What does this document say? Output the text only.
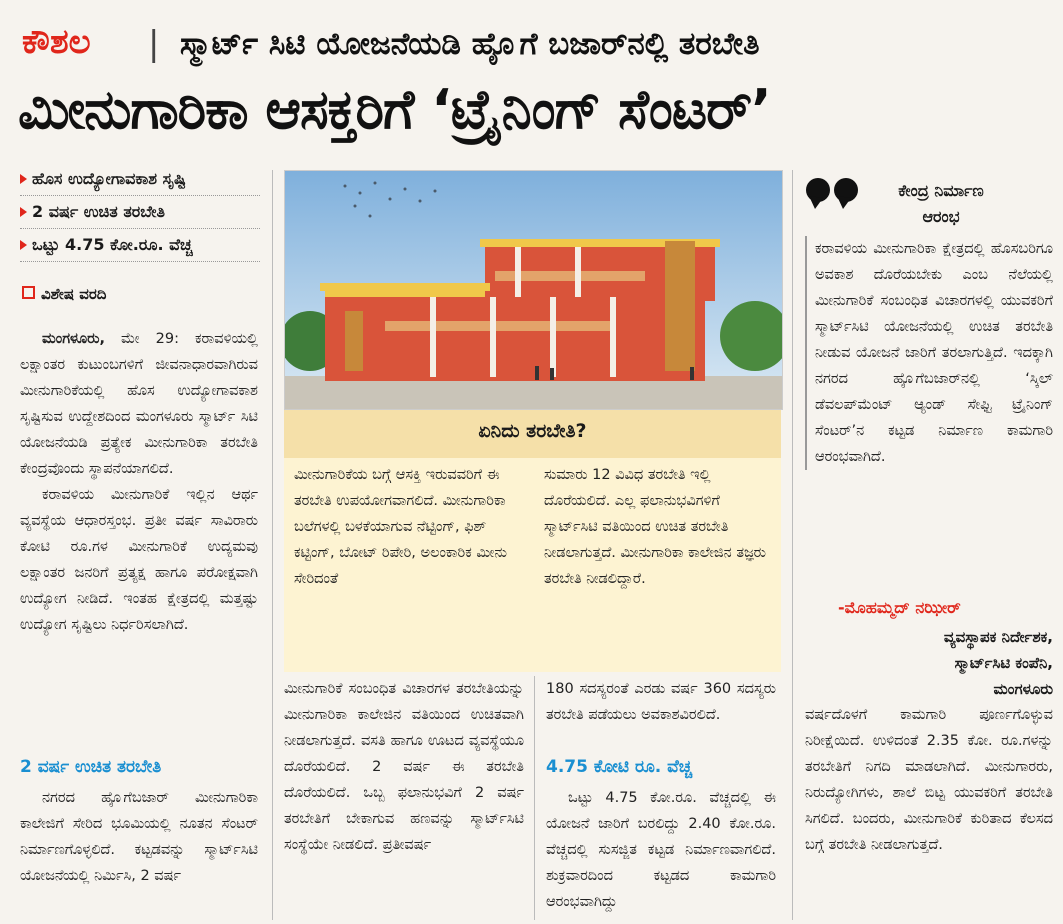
ಕೌಶಲ | ಸ್ಮಾರ್ಟ್ ಸಿಟಿ ಯೋಜನೆಯಡಿ ಹೊೖಗೆ ಬಜಾರ್‌ನಲ್ಲಿ ತರಬೇತಿ
ಮೀನುಗಾರಿಕಾ ಆಸಕ್ತರಿಗೆ ‘ಟ್ರೈನಿಂಗ್ ಸೆಂಟರ್’
ಹೊಸ ಉದ್ಯೋಗಾವಕಾಶ ಸೃಷ್ಟಿ
2 ವರ್ಷ ಉಚಿತ ತರಬೇತಿ
ಒಟ್ಟು 4.75 ಕೋ.ರೂ. ವೆಚ್ಚ
ವಿಶೇಷ ವರದಿ

ಮಂಗಳೂರು, ಮೇ 29: ಕರಾವಳಿಯಲ್ಲಿ ಲಕ್ಷಾಂತರ ಕುಟುಂಬಗಳಿಗೆ ಜೀವನಾಧಾರವಾಗಿರುವ ಮೀನುಗಾರಿಕೆಯಲ್ಲಿ ಹೊಸ ಉದ್ಯೋಗಾವಕಾಶ ಸೃಷ್ಟಿಸುವ ಉದ್ದೇಶದಿಂದ ಮಂಗಳೂರು ಸ್ಮಾರ್ಟ್ ಸಿಟಿ ಯೋಜನೆಯಡಿ ಪ್ರತ್ಯೇಕ ಮೀನುಗಾರಿಕಾ ತರಬೇತಿ ಕೇಂದ್ರವೊಂದು ಸ್ಥಾಪನೆಯಾಗಲಿದೆ.

ಕರಾವಳಿಯ ಮೀನುಗಾರಿಕೆ ಇಲ್ಲಿನ ಆರ್ಥ ವ್ಯವಸ್ಥೆಯ ಆಧಾರಸ್ತಂಭ. ಪ್ರತೀ ವರ್ಷ ಸಾವಿರಾರು ಕೋಟಿ ರೂ.ಗಳ ಮೀನುಗಾರಿಕೆ ಉದ್ಯಮವು ಲಕ್ಷಾಂತರ ಜನರಿಗೆ ಪ್ರತ್ಯಕ್ಷ ಹಾಗೂ ಪರೋಕ್ಷವಾಗಿ ಉದ್ಯೋಗ ನೀಡಿದೆ. ಇಂತಹ ಕ್ಷೇತ್ರದಲ್ಲಿ ಮತ್ತಷ್ಟು ಉದ್ಯೋಗ ಸೃಷ್ಟಿಲು ನಿರ್ಧರಿಸಲಾಗಿದೆ.

2 ವರ್ಷ ಉಚಿತ ತರಬೇತಿ

ನಗರದ ಹೊೖಗೆಬಜಾರ್ ಮೀನುಗಾರಿಕಾ ಕಾಲೇಜಿಗೆ ಸೇರಿದ ಭೂಮಿಯಲ್ಲಿ ನೂತನ ಸೆಂಟರ್ ನಿರ್ಮಾಣಗೊಳ್ಳಲಿದೆ. ಕಟ್ಟಡವನ್ನು ಸ್ಮಾರ್ಟ್‌ಸಿಟಿ ಯೋಜನೆಯಲ್ಲಿ ನಿರ್ಮಿಸಿ, 2 ವರ್ಷ

ಏನಿದು ತರಬೇತಿ?
ಮೀನುಗಾರಿಕೆಯ ಬಗ್ಗೆ ಆಸಕ್ತಿ ಇರುವವರಿಗೆ ಈ ತರಬೇತಿ ಉಪಯೋಗವಾಗಲಿದೆ. ಮೀನುಗಾರಿಕಾ ಬಲೆಗಳಲ್ಲಿ ಬಳಕೆಯಾಗುವ ನೆಟ್ಟಿಂಗ್, ಫಿಶ್ ಕಟ್ಟಿಂಗ್, ಬೋಟ್ ರಿಪೇರಿ, ಅಲಂಕಾರಿಕ ಮೀನು ಸೇರಿದಂತೆ
ಸುಮಾರು 12 ವಿವಿಧ ತರಬೇತಿ ಇಲ್ಲಿ ದೊರೆಯಲಿದೆ. ಎಲ್ಲ ಫಲಾನುಭವಿಗಳಿಗೆ ಸ್ಮಾರ್ಟ್‌ಸಿಟಿ ವತಿಯಿಂದ ಉಚಿತ ತರಬೇತಿ ನೀಡಲಾಗುತ್ತದೆ. ಮೀನುಗಾರಿಕಾ ಕಾಲೇಜಿನ ತಜ್ಞರು ತರಬೇತಿ ನೀಡಲಿದ್ದಾರೆ.

ಮೀನುಗಾರಿಕೆ ಸಂಬಂಧಿತ ವಿಚಾರಗಳ ತರಬೇತಿಯನ್ನು ಮೀನುಗಾರಿಕಾ ಕಾಲೇಜಿನ ವತಿಯಿಂದ ಉಚಿತವಾಗಿ ನೀಡಲಾಗುತ್ತದೆ. ವಸತಿ ಹಾಗೂ ಊಟದ ವ್ಯವಸ್ಥೆಯೂ ದೊರೆಯಲಿದೆ. 2 ವರ್ಷ ಈ ತರಬೇತಿ ದೊರೆಯಲಿದೆ. ಒಬ್ಬ ಫಲಾನುಭವಿಗೆ 2 ವರ್ಷ ತರಬೇತಿಗೆ ಬೇಕಾಗುವ ಹಣವನ್ನು ಸ್ಮಾರ್ಟ್‌ಸಿಟಿ ಸಂಸ್ಥೆಯೇ ನೀಡಲಿದೆ. ಪ್ರತೀವರ್ಷ

180 ಸದಸ್ಯರಂತೆ ಎರಡು ವರ್ಷ 360 ಸದಸ್ಯರು ತರಬೇತಿ ಪಡೆಯಲು ಅವಕಾಶವಿರಲಿದೆ.

4.75 ಕೋಟಿ ರೂ. ವೆಚ್ಚ

ಒಟ್ಟು 4.75 ಕೋ.ರೂ. ವೆಚ್ಚದಲ್ಲಿ ಈ ಯೋಜನೆ ಜಾರಿಗೆ ಬರಲಿದ್ದು 2.40 ಕೋ.ರೂ. ವೆಚ್ಚದಲ್ಲಿ ಸುಸಜ್ಜಿತ ಕಟ್ಟಡ ನಿರ್ಮಾಣವಾಗಲಿದೆ. ಶುಕ್ರವಾರದಿಂದ ಕಟ್ಟಡದ ಕಾಮಗಾರಿ ಆರಂಭವಾಗಿದ್ದು

ಕೇಂದ್ರ ನಿರ್ಮಾಣ
ಆರಂಭ

ಕರಾವಳಿಯ ಮೀನುಗಾರಿಕಾ ಕ್ಷೇತ್ರದಲ್ಲಿ ಹೊಸಬರಿಗೂ ಅವಕಾಶ ದೊರೆಯಬೇಕು ಎಂಬ ನೆಲೆಯಲ್ಲಿ ಮೀನುಗಾರಿಕೆ ಸಂಬಂಧಿತ ವಿಚಾರಗಳಲ್ಲಿ ಯುವಕರಿಗೆ ಸ್ಮಾರ್ಟ್‌ಸಿಟಿ ಯೋಜನೆಯಲ್ಲಿ ಉಚಿತ ತರಬೇತಿ ನೀಡುವ ಯೋಜನೆ ಜಾರಿಗೆ ತರಲಾಗುತ್ತಿದೆ. ಇದಕ್ಕಾಗಿ ನಗರದ ಹೊೖಗೆಬಜಾರ್‌ನಲ್ಲಿ ‘ಸ್ಕಿಲ್ ಡೆವಲಪ್‌ಮೆಂಟ್ ಆ್ಯಂಡ್ ಸೇಫ್ಟಿ ಟ್ರೈನಿಂಗ್ ಸೆಂಟರ್’ನ ಕಟ್ಟಡ ನಿರ್ಮಾಣ ಕಾಮಗಾರಿ ಆರಂಭವಾಗಿದೆ.

-ಮೊಹಮ್ಮದ್ ನಝೀರ್
ವ್ಯವಸ್ಥಾಪಕ ನಿರ್ದೇಶಕ,
ಸ್ಮಾರ್ಟ್‌ಸಿಟಿ ಕಂಪೆನಿ,
ಮಂಗಳೂರು

ವರ್ಷದೊಳಗೆ ಕಾಮಗಾರಿ ಪೂರ್ಣಗೊಳ್ಳುವ ನಿರೀಕ್ಷೆಯಿದೆ. ಉಳಿದಂತೆ 2.35 ಕೋ. ರೂ.ಗಳನ್ನು ತರಬೇತಿಗೆ ನಿಗದಿ ಮಾಡಲಾಗಿದೆ. ಮೀನುಗಾರರು, ನಿರುದ್ಯೋಗಿಗಳು, ಶಾಲೆ ಬಿಟ್ಟ ಯುವಕರಿಗೆ ತರಬೇತಿ ಸಿಗಲಿದೆ. ಬಂದರು, ಮೀನುಗಾರಿಕೆ ಕುರಿತಾದ ಕೆಲಸದ ಬಗ್ಗೆ ತರಬೇತಿ ನೀಡಲಾಗುತ್ತದೆ.
